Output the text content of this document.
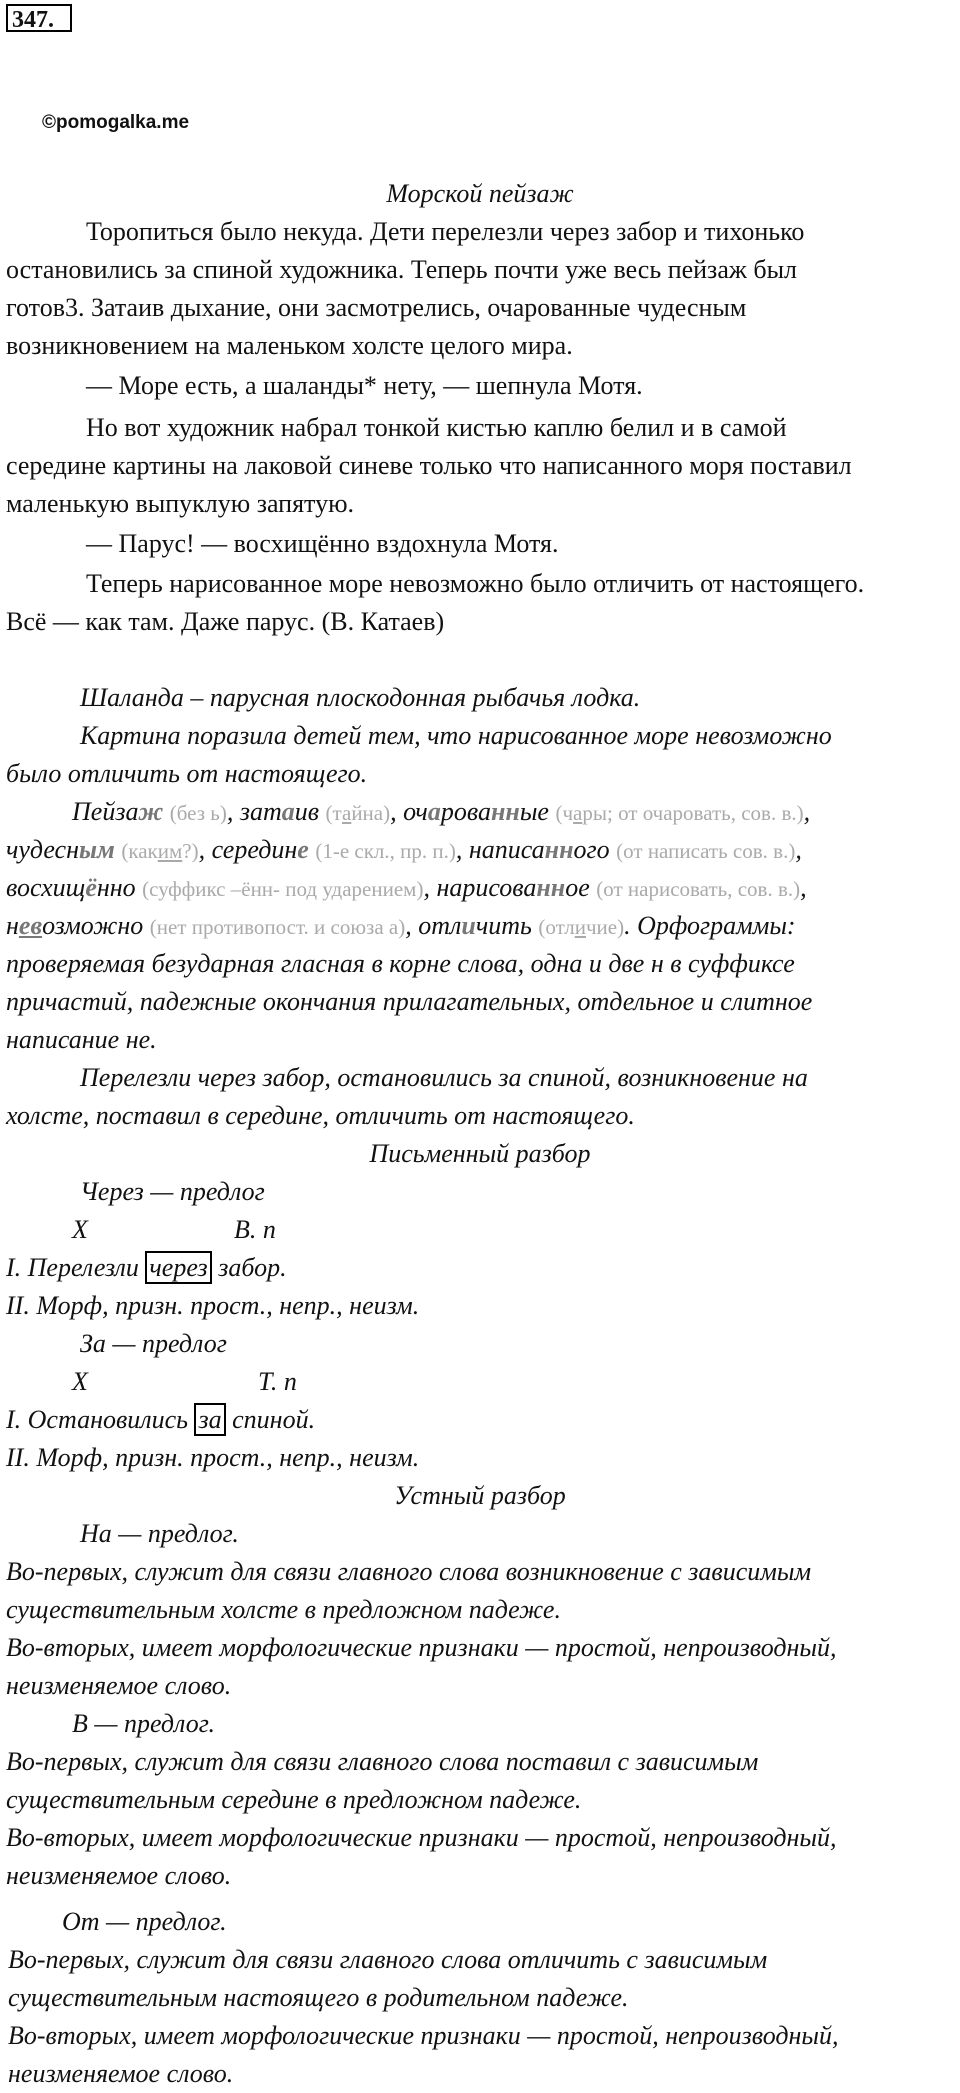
347.
©pomogalka.me
Морской пейзаж
Торопиться было некуда. Дети перелезли через забор и тихонько
остановились за спиной художника. Теперь почти уже весь пейзаж был
готов3. Затаив дыхание, они засмотрелись, очарованные чудесным
возникновением на маленьком холсте целого мира.
— Море есть, а шаланды* нету, — шепнула Мотя.
Но вот художник набрал тонкой кистью каплю белил и в самой
середине картины на лаковой синеве только что написанного моря поставил
маленькую выпуклую запятую.
— Парус! — восхищённо вздохнула Мотя.
Теперь нарисованное море невозможно было отличить от настоящего.
Всё — как там. Даже парус. (В. Катаев)
Шаланда – парусная плоскодонная рыбачья лодка.
Картина поразила детей тем, что нарисованное море невозможно
было отличить от настоящего.
Пейзаж (без ь), затаив (тайна), очарованные (чары; от очаровать, сов. в.),
чудесным (каким?), середине (1-е скл., пр. п.), написанного (от написать сов. в.),
восхищённо (суффикс –ённ- под ударением), нарисованное (от нарисовать, сов. в.),
невозможно (нет противопост. и союза а), отличить (отличие). Орфограммы:
проверяемая безударная гласная в корне слова, одна и две н в суффиксе
причастий, падежные окончания прилагательных, отдельное и слитное
написание не.
Перелезли через забор, остановились за спиной, возникновение на
холсте, поставил в середине, отличить от настоящего.
Письменный разбор
Через — предлог
Х	В. п
I. Перелезли через забор.
II. Морф, призн. прост., непр., неизм.
За — предлог
Х	Т. п
I. Остановились за спиной.
II. Морф, призн. прост., непр., неизм.
Устный разбор
На — предлог.
Во-первых, служит для связи главного слова возникновение с зависимым
существительным холсте в предложном падеже.
Во-вторых, имеет морфологические признаки — простой, непроизводный,
неизменяемое слово.
В — предлог.
Во-первых, служит для связи главного слова поставил с зависимым
существительным середине в предложном падеже.
Во-вторых, имеет морфологические признаки — простой, непроизводный,
неизменяемое слово.
От — предлог.
Во-первых, служит для связи главного слова отличить с зависимым
существительным настоящего в родительном падеже.
Во-вторых, имеет морфологические признаки — простой, непроизводный,
неизменяемое слово.
